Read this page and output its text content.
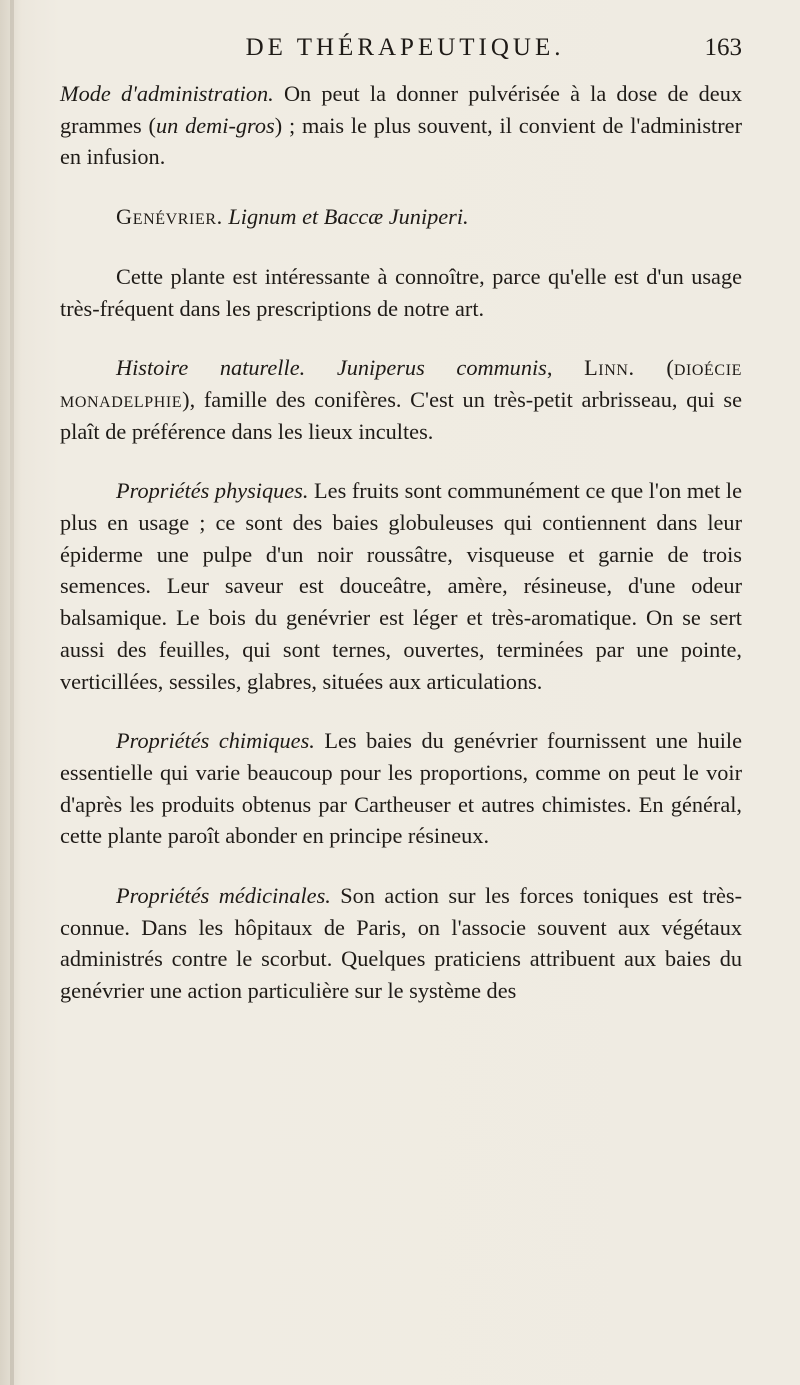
DE THÉRAPEUTIQUE.	163

Mode d'administration. On peut la donner pulvérisée à la dose de deux grammes (un demi-gros) ; mais le plus souvent, il convient de l'administrer en infusion.

Genévrier. Lignum et Baccæ Juniperi.

Cette plante est intéressante à connoître, parce qu'elle est d'un usage très-fréquent dans les prescriptions de notre art.

Histoire naturelle. Juniperus communis, Linn. (dioécie monadelphie), famille des conifères. C'est un très-petit arbrisseau, qui se plaît de préférence dans les lieux incultes.

Propriétés physiques. Les fruits sont communément ce que l'on met le plus en usage ; ce sont des baies globuleuses qui contiennent dans leur épiderme une pulpe d'un noir roussâtre, visqueuse et garnie de trois semences. Leur saveur est douceâtre, amère, résineuse, d'une odeur balsamique. Le bois du genévrier est léger et très-aromatique. On se sert aussi des feuilles, qui sont ternes, ouvertes, terminées par une pointe, verticillées, sessiles, glabres, situées aux articulations.

Propriétés chimiques. Les baies du genévrier fournissent une huile essentielle qui varie beaucoup pour les proportions, comme on peut le voir d'après les produits obtenus par Cartheuser et autres chimistes. En général, cette plante paroît abonder en principe résineux.

Propriétés médicinales. Son action sur les forces toniques est très-connue. Dans les hôpitaux de Paris, on l'associe souvent aux végétaux administrés contre le scorbut. Quelques praticiens attribuent aux baies du genévrier une action particulière sur le système des
